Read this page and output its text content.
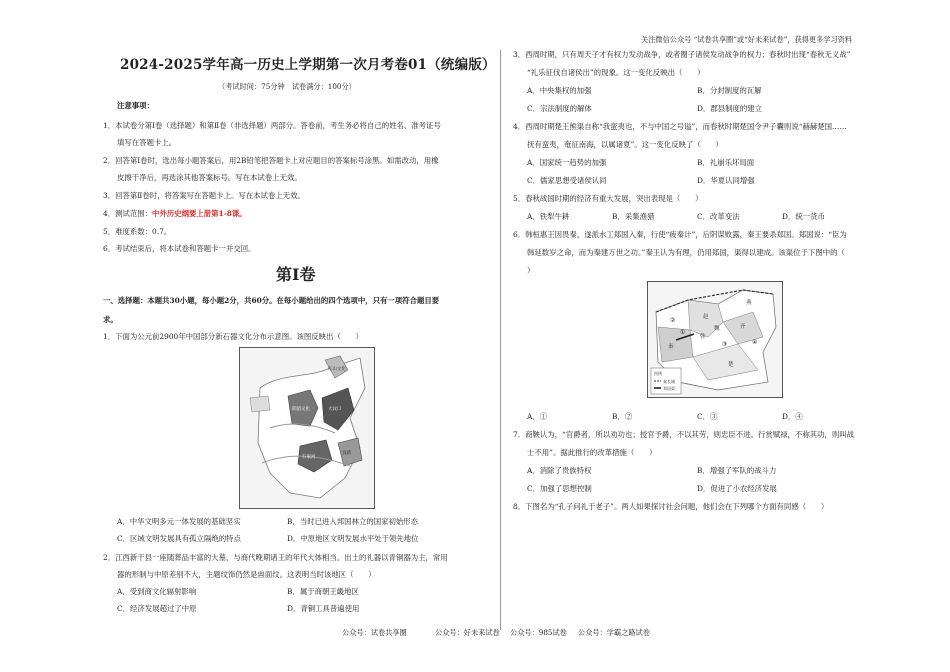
关注微信公众号 “试卷共享圈”或“好未来试卷”，获得更多学习资料
2024-2025学年高一历史上学期第一次月考卷01（统编版）
（考试时间：75分钟　试卷满分：100分）
注意事项：
1．本试卷分第Ⅰ卷（选择题）和第Ⅱ卷（非选择题）两部分。答卷前，考生务必将自己的姓名、准考证号
填写在答题卡上。
2．回答第Ⅰ卷时，选出每小题答案后，用2B铅笔把答题卡上对应题目的答案标号涂黑。如需改动，用橡
皮擦干净后，再选涂其他答案标号。写在本试卷上无效。
3．回答第Ⅱ卷时，将答案写在答题卡上。写在本试卷上无效。
4．测试范围：中外历史纲要上册第1-8课。
5．难度系数：0.7。
6．考试结束后，将本试卷和答题卡一并交回。
第Ⅰ卷
一、选择题：本题共30小题，每小题2分，共60分。在每小题给出的四个选项中，只有一项符合题目要
求。
1．下面为公元前2900年中国部分新石器文化分布示意图。该图反映出（　　）
红山文化
仰韶文化	大汶口
良渚
石家河
A．中华文明多元一体发展的基础坚实	B．当时已进入邦国林立的国家初始形态
C．区域文明发展具有孤立隔绝的特点	D．中原地区文明发展水平处于领先地位
2．江西新干县一座随葬品丰富的大墓，与商代晚期诸王的年代大体相当。出土的礼器以青铜器为主，常用
器的形制与中原差别不大，主题纹饰仍然是兽面纹。这表明当时该地区（　　）
A．受到商文化辐射影响	B．属于商朝王畿地区
C．经济发展超过了中原	D．青铜工具普遍使用
3．西周时期，只有周天子才有权力发动战争，或者圈子诸侯发动战争的权力；春秋时出现“春秋无义战”
“礼乐征伐自诸侯出”的现象。这一变化反映出（　　）
A．中央集权的加强	B．分封制度的瓦解
C．宗法制度的解体	D．郡县制度的建立
4．西周时期楚王熊渠自称“我蛮夷也，不与中国之号谥”，而春秋时期楚国令尹子囊则说“赫赫楚国……
抚有蛮夷，奄征南海，以属诸夏”。这一变化反映了（　　）
A．国家统一趋势的加强	B．礼崩乐坏局面
C．儒家思想受诸侯认同	D．华夏认同增强
5．春秋战国时期的经济有重大发展，突出表现是（　　）
A．铁犁牛耕	B．采集渔猎	C．改革变法	D．统一货币
6．韩桓惠王因畏秦，遂派水工郑国入秦，行使“疲秦计”，后阴谋败露，秦王要杀郑国。郑国说：“臣为
韩延数岁之命，而为秦建万世之功。”秦王认为有理，仍用郑国，渠得以建成。该渠位于下图中的（
）
赵
韩
魏	齐
秦
楚
燕
①
②
③	④
图例
秦长城
郑国渠
A．①	B．②	C．③	D．④
7．商鞅认为，“官爵者，所以劝功也；授官予爵，不以其劳，则忠臣不进。行赏赋禄，不称其功，则叫战
士不用”。据此推行的改革措施（　　）
A．消除了贵族特权	B．增强了军队的战斗力
C．加强了思想控制	D．促进了小农经济发展
8．下图名为“孔子问礼于老子”。两人如果探讨社会问题，他们会在下列哪个方面有同感（　　）
公众号：试卷共享圈	公众号：好未来试卷 公众号：985试卷 公众号：学霸之路试卷
